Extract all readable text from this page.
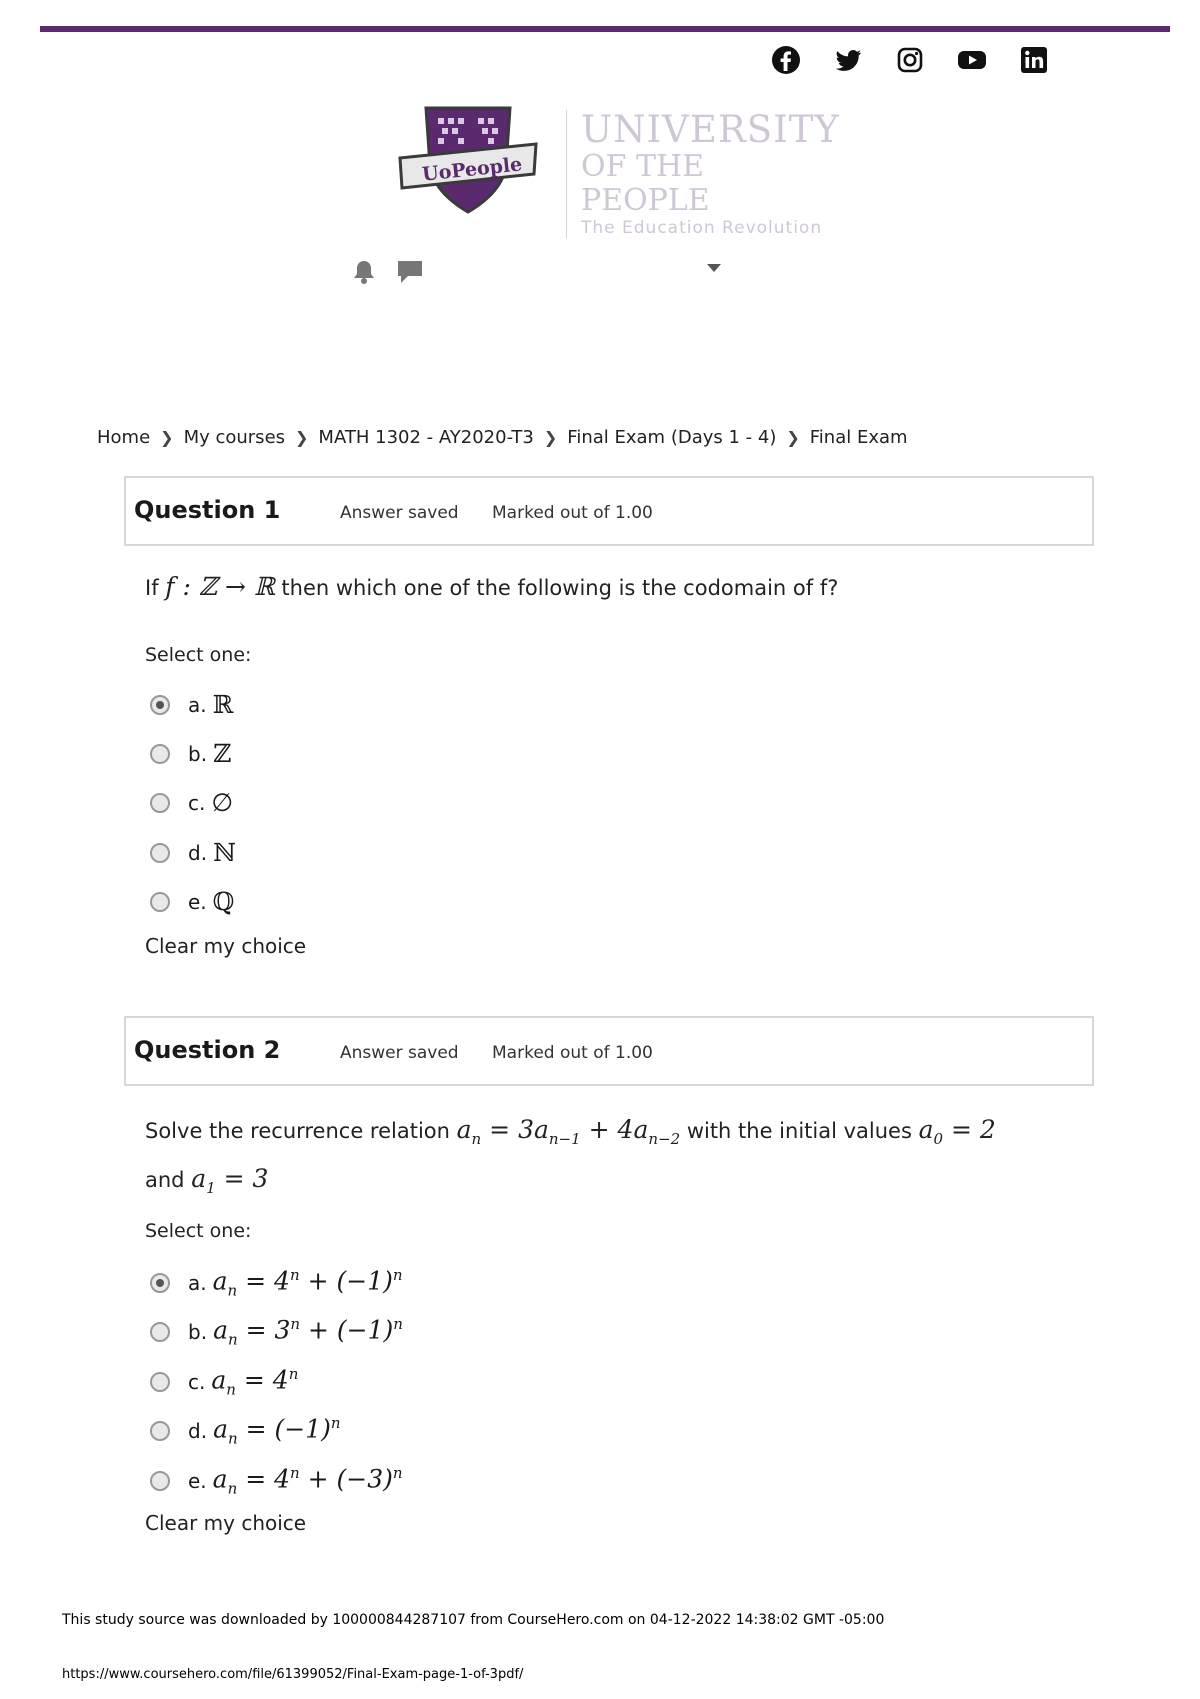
UoPeople
UNIVERSITY
OF THE PEOPLE
The Education Revolution
Home ❯ My courses ❯ MATH 1302 - AY2020-T3 ❯ Final Exam (Days 1 - 4) ❯ Final Exam
Question 1	Answer saved Marked out of 1.00
If f : ℤ → ℝ then which one of the following is the codomain of f?
Select one:
a. ℝ
b. ℤ
c. ∅
d. ℕ
e. ℚ
Clear my choice
Question 2	Answer saved Marked out of 1.00
Solve the recurrence relation $a_n = 3a_{n-1} + 4a_{n-2}$ with the initial values $a_0 = 2$
and $a_1 = 3$
Select one:
a. $a_n = 4^n + (-1)^n$
b. $a_n = 3^n + (-1)^n$
c. $a_n = 4^n$
d. $a_n = (-1)^n$
e. $a_n = 4^n + (-3)^n$
Clear my choice
This study source was downloaded by 100000844287107 from CourseHero.com on 04-12-2022 14:38:02 GMT -05:00
https://www.coursehero.com/file/61399052/Final-Exam-page-1-of-3pdf/
